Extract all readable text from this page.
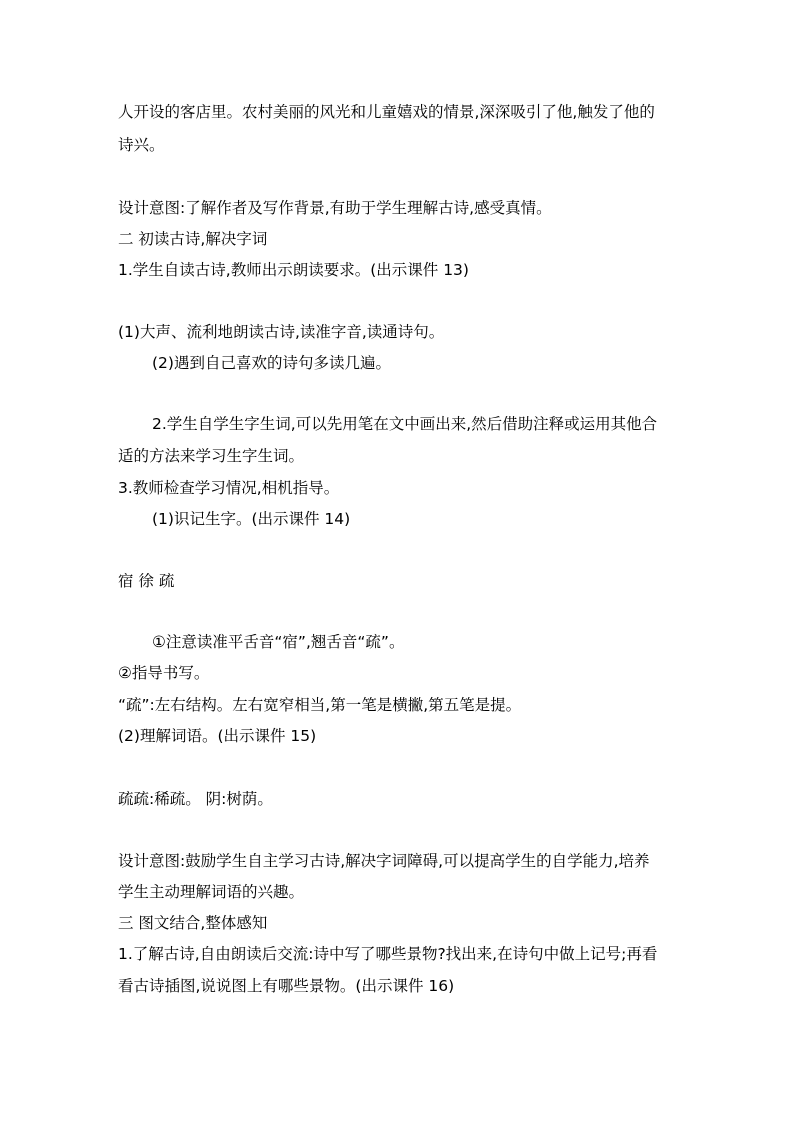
人开设的客店里。农村美丽的风光和儿童嬉戏的情景,深深吸引了他,触发了他的
诗兴。
设计意图:了解作者及写作背景,有助于学生理解古诗,感受真情。
二 初读古诗,解决字词
1.学生自读古诗,教师出示朗读要求。(出示课件 13)
(1)大声、流利地朗读古诗,读准字音,读通诗句。
(2)遇到自己喜欢的诗句多读几遍。
2.学生自学生字生词,可以先用笔在文中画出来,然后借助注释或运用其他合
适的方法来学习生字生词。
3.教师检查学习情况,相机指导。
(1)识记生字。(出示课件 14)
宿 徐 疏
①注意读准平舌音“宿”,翘舌音“疏”。
②指导书写。
“疏”:左右结构。左右宽窄相当,第一笔是横撇,第五笔是提。
(2)理解词语。(出示课件 15)
疏疏:稀疏。 阴:树荫。
设计意图:鼓励学生自主学习古诗,解决字词障碍,可以提高学生的自学能力,培养
学生主动理解词语的兴趣。
三 图文结合,整体感知
1.了解古诗,自由朗读后交流:诗中写了哪些景物?找出来,在诗句中做上记号;再看
看古诗插图,说说图上有哪些景物。(出示课件 16)
